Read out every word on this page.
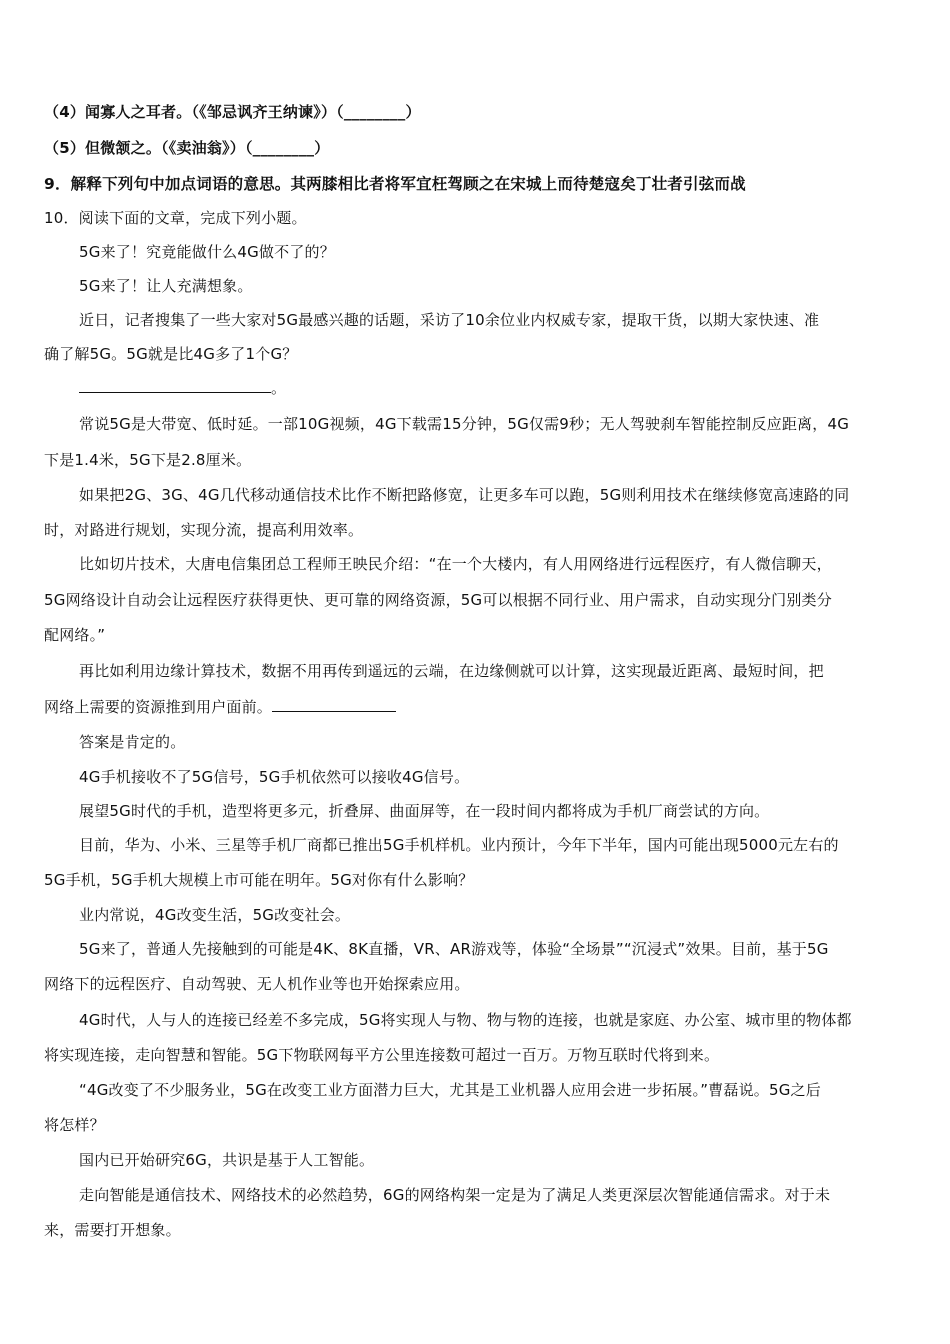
（4）闻寡人之耳者。（《邹忌讽齐王纳谏》）（________）
（5）但微颔之。（《卖油翁》）（________）
9．解释下列句中加点词语的意思。其两膝相比者将军宜枉驾顾之在宋城上而待楚寇矣丁壮者引弦而战
10．阅读下面的文章，完成下列小题。
5G来了！究竟能做什么4G做不了的？
5G来了！让人充满想象。
近日，记者搜集了一些大家对5G最感兴趣的话题，采访了10余位业内权威专家，提取干货，以期大家快速、准
确了解5G。5G就是比4G多了1个G？
。
常说5G是大带宽、低时延。一部10G视频，4G下载需15分钟，5G仅需9秒；无人驾驶刹车智能控制反应距离，4G
下是1.4米，5G下是2.8厘米。
如果把2G、3G、4G几代移动通信技术比作不断把路修宽，让更多车可以跑，5G则利用技术在继续修宽高速路的同
时，对路进行规划，实现分流，提高利用效率。
比如切片技术，大唐电信集团总工程师王映民介绍：“在一个大楼内，有人用网络进行远程医疗，有人微信聊天，
5G网络设计自动会让远程医疗获得更快、更可靠的网络资源，5G可以根据不同行业、用户需求，自动实现分门别类分
配网络。”
再比如利用边缘计算技术，数据不用再传到遥远的云端，在边缘侧就可以计算，这实现最近距离、最短时间，把
网络上需要的资源推到用户面前。
答案是肯定的。
4G手机接收不了5G信号，5G手机依然可以接收4G信号。
展望5G时代的手机，造型将更多元，折叠屏、曲面屏等，在一段时间内都将成为手机厂商尝试的方向。
目前，华为、小米、三星等手机厂商都已推出5G手机样机。业内预计，今年下半年，国内可能出现5000元左右的
5G手机，5G手机大规模上市可能在明年。5G对你有什么影响？
业内常说，4G改变生活，5G改变社会。
5G来了，普通人先接触到的可能是4K、8K直播，VR、AR游戏等，体验“全场景”“沉浸式”效果。目前，基于5G
网络下的远程医疗、自动驾驶、无人机作业等也开始探索应用。
4G时代，人与人的连接已经差不多完成，5G将实现人与物、物与物的连接，也就是家庭、办公室、城市里的物体都
将实现连接，走向智慧和智能。5G下物联网每平方公里连接数可超过一百万。万物互联时代将到来。
“4G改变了不少服务业，5G在改变工业方面潜力巨大，尤其是工业机器人应用会进一步拓展。”曹磊说。5G之后
将怎样？
国内已开始研究6G，共识是基于人工智能。
走向智能是通信技术、网络技术的必然趋势，6G的网络构架一定是为了满足人类更深层次智能通信需求。对于未
来，需要打开想象。
